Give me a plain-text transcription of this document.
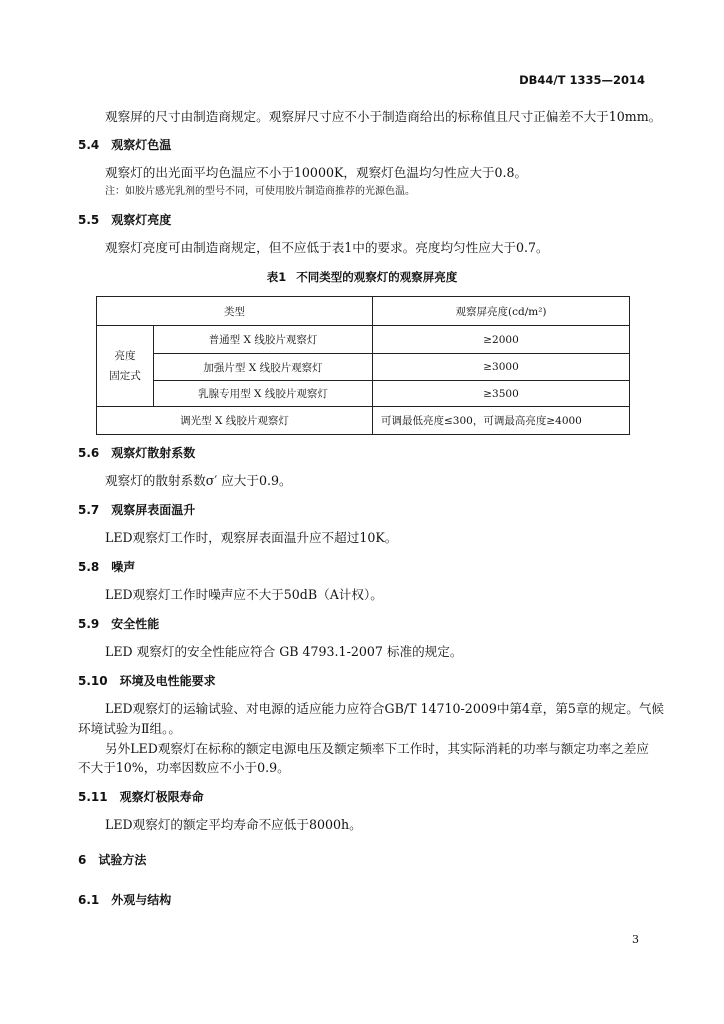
DB44/T 1335—2014
观察屏的尺寸由制造商规定。观察屏尺寸应不小于制造商给出的标称值且尺寸正偏差不大于10mm。
5.4 观察灯色温
观察灯的出光面平均色温应不小于10000K，观察灯色温均匀性应大于0.8。
注：如胶片感光乳剂的型号不同，可使用胶片制造商推荐的光源色温。
5.5 观察灯亮度
观察灯亮度可由制造商规定，但不应低于表1中的要求。亮度均匀性应大于0.7。
表1 不同类型的观察灯的观察屏亮度
类型		观察屏亮度(cd/m²)
亮度
固定式	普通型 X 线胶片观察灯	≥2000
	加强片型 X 线胶片观察灯	≥3000
	乳腺专用型 X 线胶片观察灯	≥3500
调光型 X 线胶片观察灯		可调最低亮度≤300，可调最高亮度≥4000
5.6 观察灯散射系数
观察灯的散射系数σ′ 应大于0.9。
5.7 观察屏表面温升
LED观察灯工作时，观察屏表面温升应不超过10K。
5.8 噪声
LED观察灯工作时噪声应不大于50dB（A计权）。
5.9 安全性能
LED 观察灯的安全性能应符合 GB 4793.1-2007 标准的规定。
5.10 环境及电性能要求
LED观察灯的运输试验、对电源的适应能力应符合GB/T 14710-2009中第4章，第5章的规定。气候
环境试验为Ⅱ组。。
另外LED观察灯在标称的额定电源电压及额定频率下工作时，其实际消耗的功率与额定功率之差应
不大于10%，功率因数应不小于0.9。
5.11 观察灯极限寿命
LED观察灯的额定平均寿命不应低于8000h。
6 试验方法
6.1 外观与结构
3
